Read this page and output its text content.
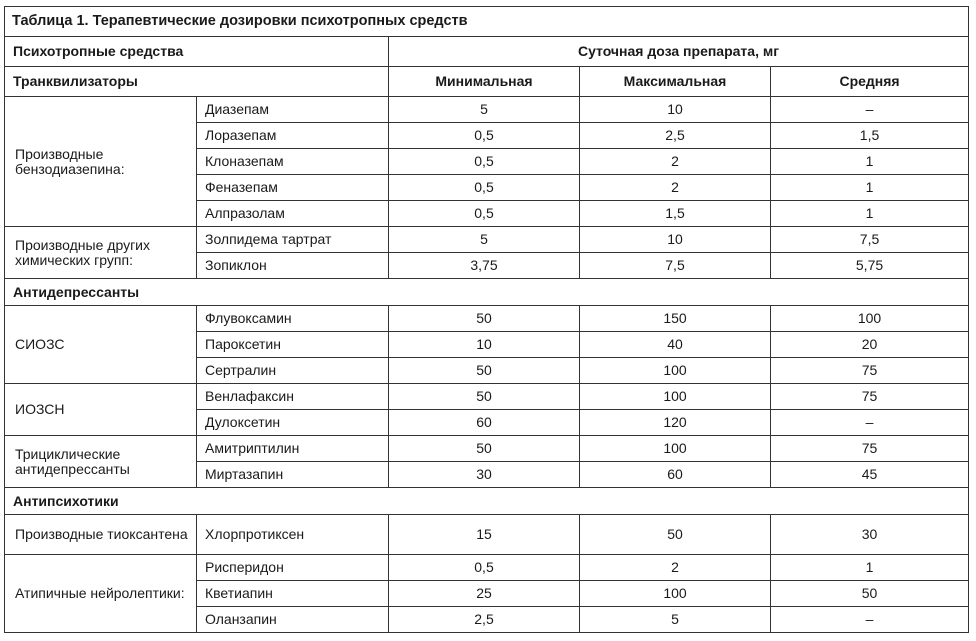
Таблица 1. Терапевтические дозировки психотропных средств				
Психотропные средства		Суточная доза препарата, мг		
Транквилизаторы		Минимальная	Максимальная	Средняя
Производные бензодиазепина:	Диазепам	5	10	–
	Лоразепам	0,5	2,5	1,5
	Клоназепам	0,5	2	1
	Феназепам	0,5	2	1
	Алпразолам	0,5	1,5	1
Производные других химических групп:	Золпидема тартрат	5	10	7,5
	Зопиклон	3,75	7,5	5,75
Антидепрессанты				
СИОЗС	Флувоксамин	50	150	100
	Пароксетин	10	40	20
	Сертралин	50	100	75
ИОЗСН	Венлафаксин	50	100	75
	Дулоксетин	60	120	–
Трициклические антидепрессанты	Амитриптилин	50	100	75
	Миртазапин	30	60	45
Антипсихотики				
Производные тиоксантена	Хлорпротиксен	15	50	30
Атипичные нейролептики:	Рисперидон	0,5	2	1
	Кветиапин	25	100	50
	Оланзапин	2,5	5	–
